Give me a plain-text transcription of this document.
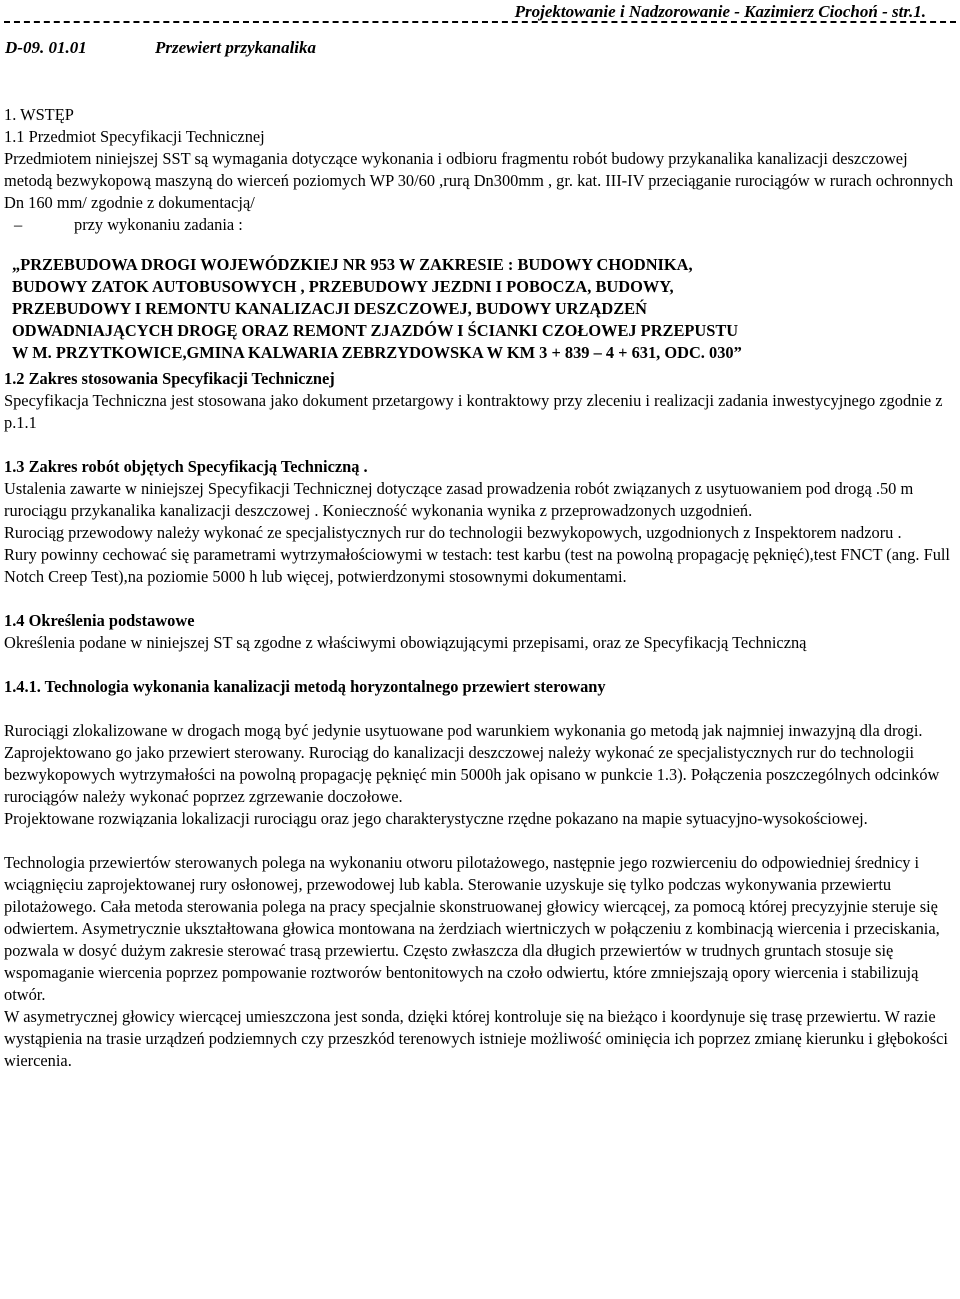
Projektowanie i Nadzorowanie - Kazimierz Ciochoń - str.1.
D-09. 01.01	Przewiert przykanalika

1. WSTĘP

1.1 Przedmiot Specyfikacji Technicznej

Przedmiotem niniejszej SST są wymagania dotyczące wykonania i odbioru fragmentu robót budowy przykanalika kanalizacji deszczowej metodą bezwykopową maszyną do wierceń poziomych WP 30/60 ,rurą Dn300mm , gr. kat. III-IV przeciąganie rurociągów w rurach ochronnych Dn 160 mm/ zgodnie z dokumentacją/

–	przy wykonaniu zadania :

„PRZEBUDOWA DROGI WOJEWÓDZKIEJ NR 953 W ZAKRESIE : BUDOWY CHODNIKA,
BUDOWY ZATOK AUTOBUSOWYCH , PRZEBUDOWY JEZDNI I POBOCZA, BUDOWY,
PRZEBUDOWY I REMONTU KANALIZACJI DESZCZOWEJ, BUDOWY URZĄDZEŃ
ODWADNIAJĄCYCH DROGĘ ORAZ REMONT ZJAZDÓW I ŚCIANKI CZOŁOWEJ PRZEPUSTU
W M. PRZYTKOWICE,GMINA KALWARIA ZEBRZYDOWSKA W KM 3 + 839 – 4 + 631, ODC. 030”

1.2 Zakres stosowania Specyfikacji Technicznej

Specyfikacja Techniczna jest stosowana jako dokument przetargowy i kontraktowy przy zleceniu i realizacji zadania inwestycyjnego zgodnie z p.1.1

1.3 Zakres robót objętych Specyfikacją Techniczną .

Ustalenia zawarte w niniejszej Specyfikacji Technicznej dotyczące zasad prowadzenia robót związanych z usytuowaniem pod drogą .50 m rurociągu przykanalika kanalizacji deszczowej . Konieczność wykonania wynika z przeprowadzonych uzgodnień.

Rurociąg przewodowy należy wykonać ze specjalistycznych rur do technologii bezwykopowych, uzgodnionych z Inspektorem nadzoru .

Rury powinny cechować się parametrami wytrzymałościowymi w testach: test karbu (test na powolną propagację pęknięć),test FNCT (ang. Full Notch Creep Test),na poziomie 5000 h lub więcej, potwierdzonymi stosownymi dokumentami.

1.4 Określenia podstawowe

Określenia podane w niniejszej ST są zgodne z właściwymi obowiązującymi przepisami, oraz ze Specyfikacją Techniczną

1.4.1. Technologia wykonania kanalizacji metodą horyzontalnego przewiert sterowany

Rurociągi zlokalizowane w drogach mogą być jedynie usytuowane pod warunkiem wykonania go metodą jak najmniej inwazyjną dla drogi.

Zaprojektowano go jako przewiert sterowany. Rurociąg do kanalizacji deszczowej należy wykonać ze specjalistycznych rur do technologii bezwykopowych wytrzymałości na powolną propagację pęknięć min 5000h jak opisano w punkcie 1.3). Połączenia poszczególnych odcinków rurociągów należy wykonać poprzez zgrzewanie doczołowe.

Projektowane rozwiązania lokalizacji rurociągu oraz jego charakterystyczne rzędne pokazano na mapie sytuacyjno-wysokościowej.

Technologia przewiertów sterowanych polega na wykonaniu otworu pilotażowego, następnie jego rozwierceniu do odpowiedniej średnicy i wciągnięciu zaprojektowanej rury osłonowej, przewodowej lub kabla. Sterowanie uzyskuje się tylko podczas wykonywania przewiertu pilotażowego. Cała metoda sterowania polega na pracy specjalnie skonstruowanej głowicy wiercącej, za pomocą której precyzyjnie steruje się odwiertem. Asymetrycznie ukształtowana głowica montowana na żerdziach wiertniczych w połączeniu z kombinacją wiercenia i przeciskania, pozwala w dosyć dużym zakresie sterować trasą przewiertu. Często zwłaszcza dla długich przewiertów w trudnych gruntach stosuje się wspomaganie wiercenia poprzez pompowanie roztworów bentonitowych na czoło odwiertu, które zmniejszają opory wiercenia i stabilizują otwór.

W asymetrycznej głowicy wiercącej umieszczona jest sonda, dzięki której kontroluje się na bieżąco i koordynuje się trasę przewiertu. W razie wystąpienia na trasie urządzeń podziemnych czy przeszkód terenowych istnieje możliwość ominięcia ich poprzez zmianę kierunku i głębokości wiercenia.
